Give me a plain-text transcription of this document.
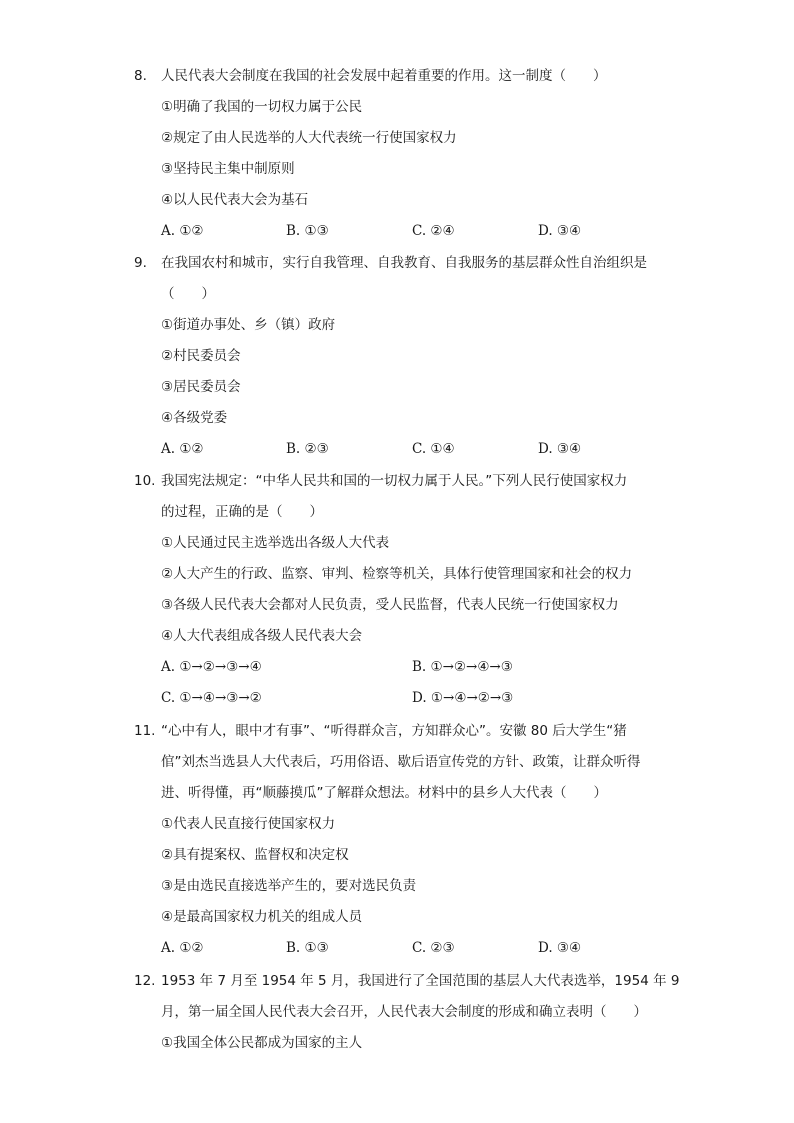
8. 人民代表大会制度在我国的社会发展中起着重要的作用。这一制度（　　）
①明确了我国的一切权力属于公民
②规定了由人民选举的人大代表统一行使国家权力
③坚持民主集中制原则
④以人民代表大会为基石
A. ①②	B. ①③	C. ②④	D. ③④
9. 在我国农村和城市，实行自我管理、自我教育、自我服务的基层群众性自治组织是
（　　）
①街道办事处、乡（镇）政府
②村民委员会
③居民委员会
④各级党委
A. ①②	B. ②③	C. ①④	D. ③④
10. 我国宪法规定：“中华人民共和国的一切权力属于人民。”下列人民行使国家权力
的过程，正确的是（　　）
①人民通过民主选举选出各级人大代表
②人大产生的行政、监察、审判、检察等机关，具体行使管理国家和社会的权力
③各级人民代表大会都对人民负责，受人民监督，代表人民统一行使国家权力
④人大代表组成各级人民代表大会
A. ①→②→③→④	B. ①→②→④→③
C. ①→④→③→②	D. ①→④→②→③
11. “心中有人，眼中才有事”、“听得群众言，方知群众心”。安徽 80 后大学生“猪
倌”刘杰当选县人大代表后，巧用俗语、歇后语宣传党的方针、政策，让群众听得
进、听得懂，再“顺藤摸瓜”了解群众想法。材料中的县乡人大代表（　　）
①代表人民直接行使国家权力
②具有提案权、监督权和决定权
③是由选民直接选举产生的，要对选民负责
④是最高国家权力机关的组成人员
A. ①②	B. ①③	C. ②③	D. ③④
12. 1953 年 7 月至 1954 年 5 月，我国进行了全国范围的基层人大代表选举，1954 年 9
月，第一届全国人民代表大会召开，人民代表大会制度的形成和确立表明（　　）
①我国全体公民都成为国家的主人
